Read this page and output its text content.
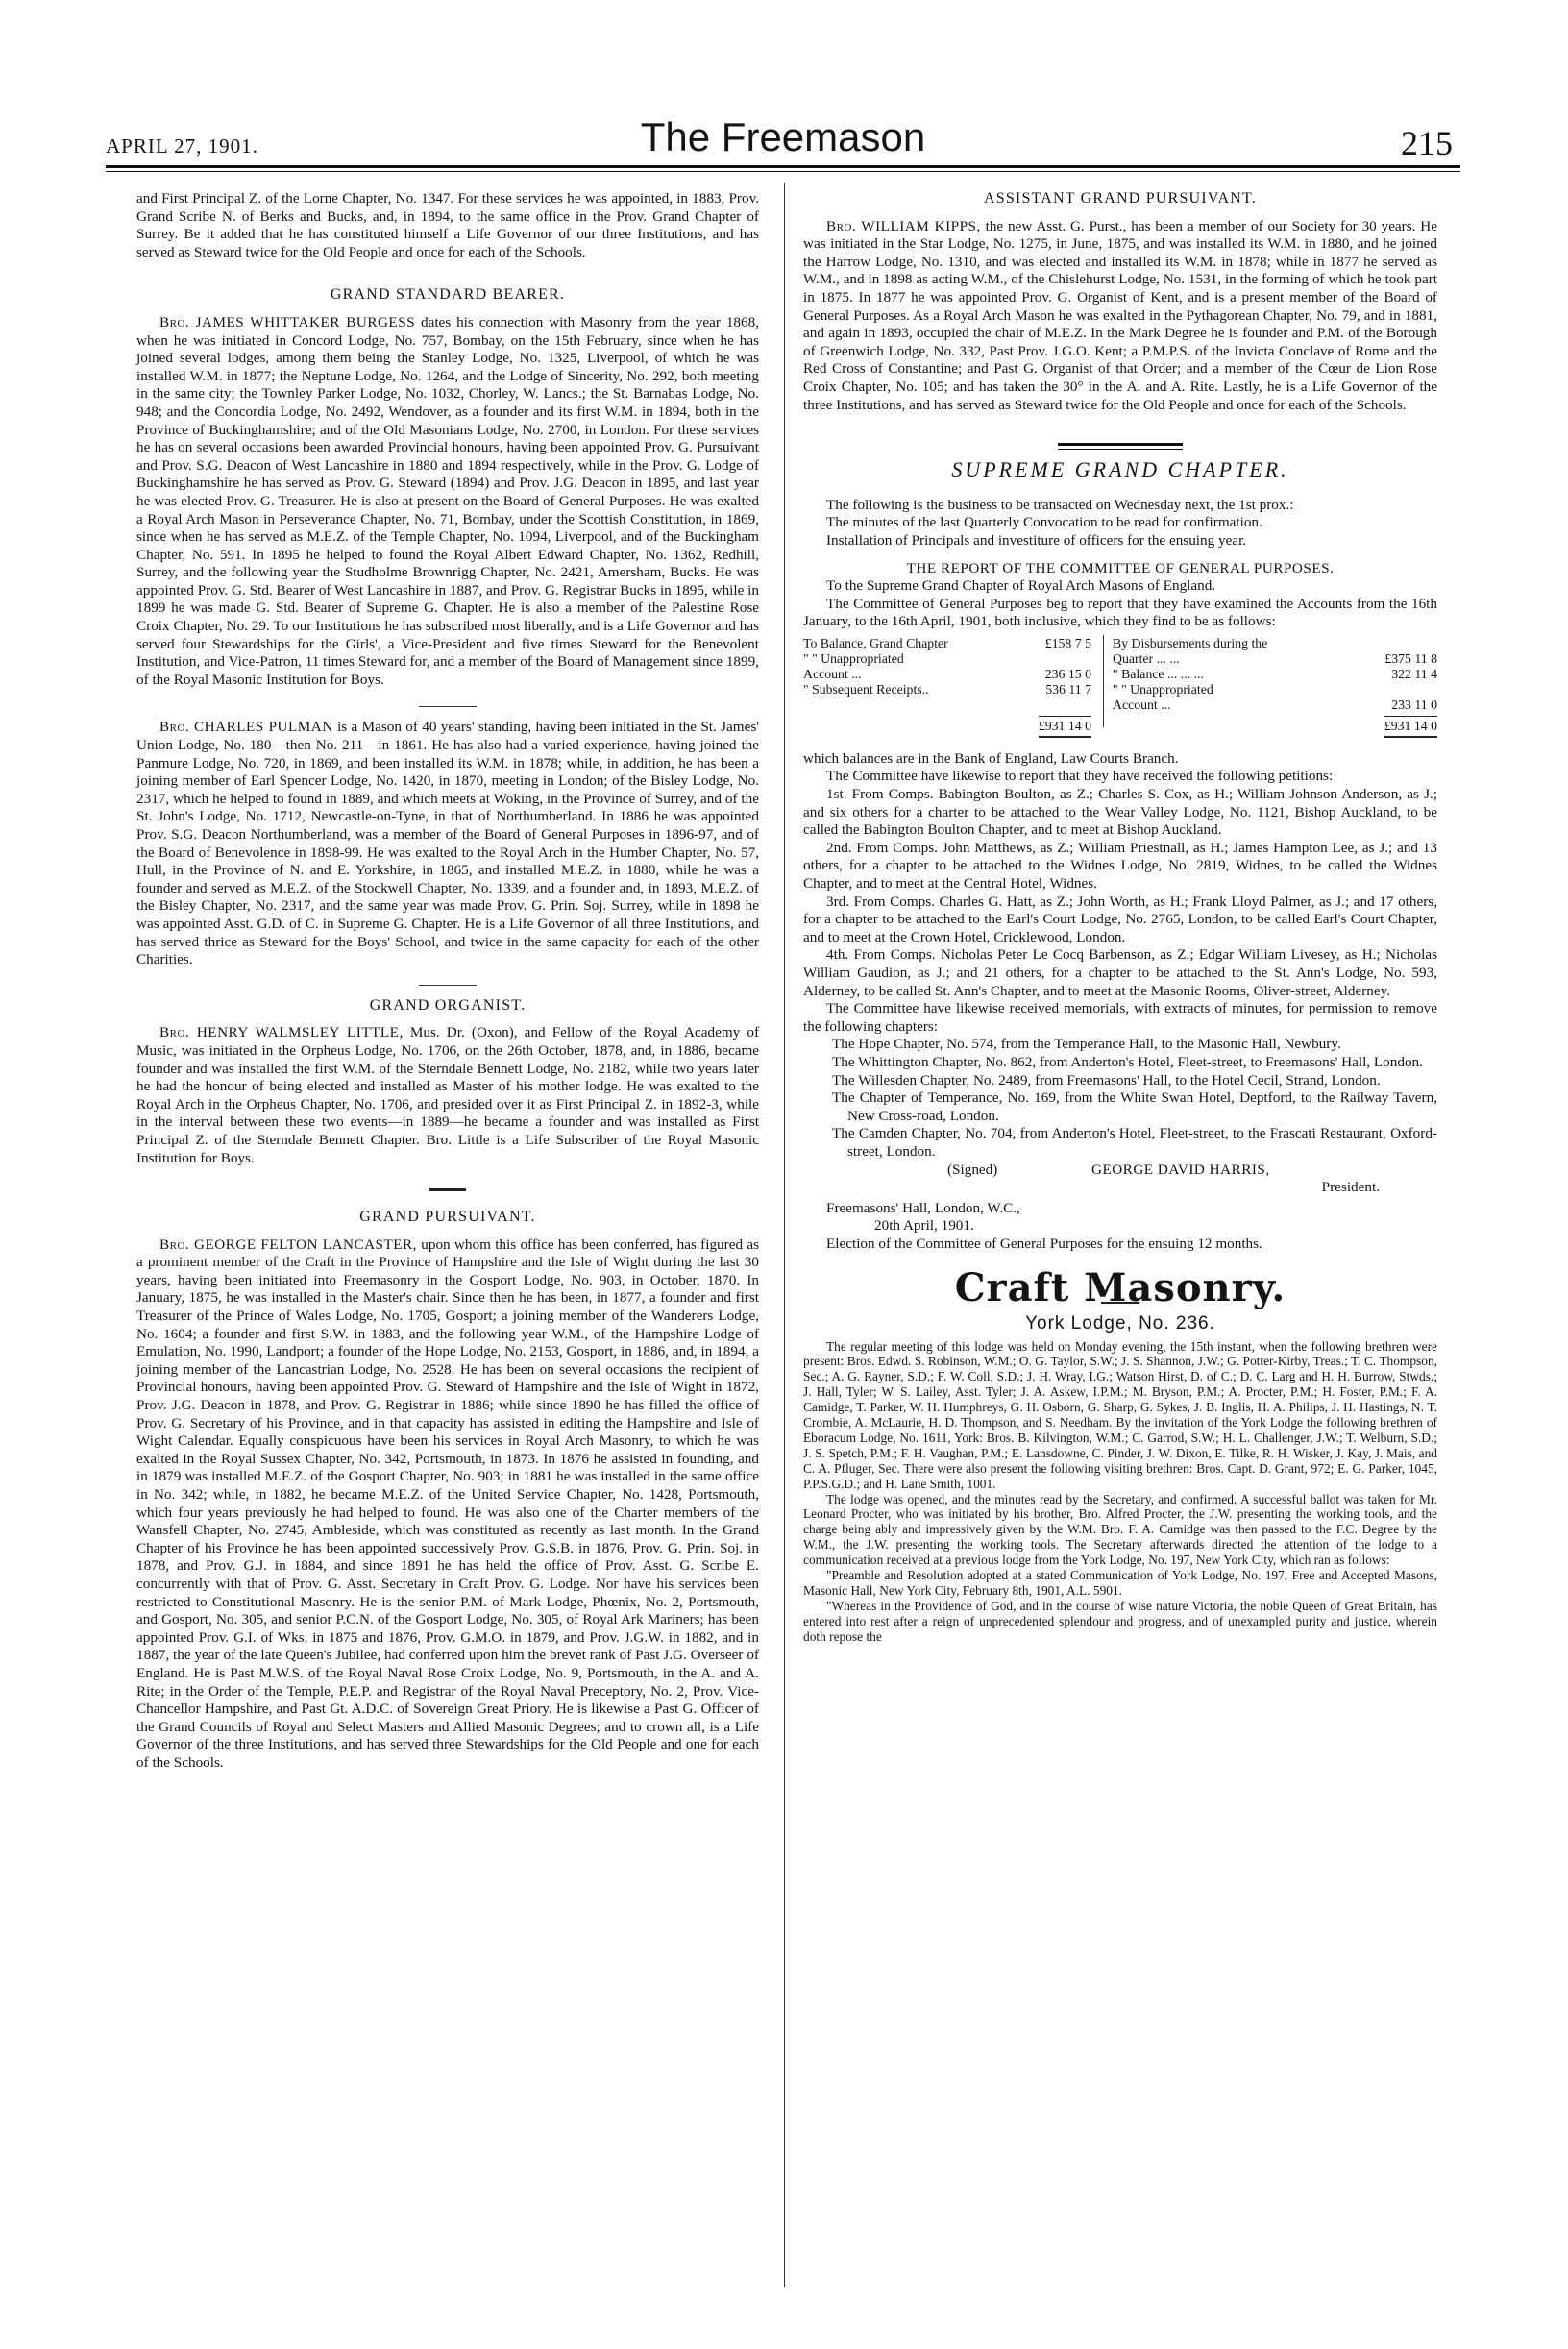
APRIL 27, 1901.	The Freemason	215

and First Principal Z. of the Lorne Chapter, No. 1347. For these services he was appointed, in 1883, Prov. Grand Scribe N. of Berks and Bucks, and, in 1894, to the same office in the Prov. Grand Chapter of Surrey. Be it added that he has constituted himself a Life Governor of our three Institutions, and has served as Steward twice for the Old People and once for each of the Schools.

GRAND STANDARD BEARER.

Bro. JAMES WHITTAKER BURGESS dates his connection with Masonry from the year 1868, when he was initiated in Concord Lodge, No. 757, Bombay, on the 15th February, since when he has joined several lodges, among them being the Stanley Lodge, No. 1325, Liverpool, of which he was installed W.M. in 1877; the Neptune Lodge, No. 1264, and the Lodge of Sincerity, No. 292, both meeting in the same city; the Townley Parker Lodge, No. 1032, Chorley, W. Lancs.; the St. Barnabas Lodge, No. 948; and the Concordia Lodge, No. 2492, Wendover, as a founder and its first W.M. in 1894, both in the Province of Buckinghamshire; and of the Old Masonians Lodge, No. 2700, in London. For these services he has on several occasions been awarded Provincial honours, having been appointed Prov. G. Pursuivant and Prov. S.G. Deacon of West Lancashire in 1880 and 1894 respectively, while in the Prov. G. Lodge of Buckinghamshire he has served as Prov. G. Steward (1894) and Prov. J.G. Deacon in 1895, and last year he was elected Prov. G. Treasurer. He is also at present on the Board of General Purposes. He was exalted a Royal Arch Mason in Perseverance Chapter, No. 71, Bombay, under the Scottish Constitution, in 1869, since when he has served as M.E.Z. of the Temple Chapter, No. 1094, Liverpool, and of the Buckingham Chapter, No. 591. In 1895 he helped to found the Royal Albert Edward Chapter, No. 1362, Redhill, Surrey, and the following year the Studholme Brownrigg Chapter, No. 2421, Amersham, Bucks. He was appointed Prov. G. Std. Bearer of West Lancashire in 1887, and Prov. G. Registrar Bucks in 1895, while in 1899 he was made G. Std. Bearer of Supreme G. Chapter. He is also a member of the Palestine Rose Croix Chapter, No. 29. To our Institutions he has subscribed most liberally, and is a Life Governor and has served four Stewardships for the Girls', a Vice-President and five times Steward for the Benevolent Institution, and Vice-Patron, 11 times Steward for, and a member of the Board of Management since 1899, of the Royal Masonic Institution for Boys.

Bro. CHARLES PULMAN is a Mason of 40 years' standing, having been initiated in the St. James' Union Lodge, No. 180—then No. 211—in 1861. He has also had a varied experience, having joined the Panmure Lodge, No. 720, in 1869, and been installed its W.M. in 1878; while, in addition, he has been a joining member of Earl Spencer Lodge, No. 1420, in 1870, meeting in London; of the Bisley Lodge, No. 2317, which he helped to found in 1889, and which meets at Woking, in the Province of Surrey, and of the St. John's Lodge, No. 1712, Newcastle-on-Tyne, in that of Northumberland. In 1886 he was appointed Prov. S.G. Deacon Northumberland, was a member of the Board of General Purposes in 1896-97, and of the Board of Benevolence in 1898-99. He was exalted to the Royal Arch in the Humber Chapter, No. 57, Hull, in the Province of N. and E. Yorkshire, in 1865, and installed M.E.Z. in 1880, while he was a founder and served as M.E.Z. of the Stockwell Chapter, No. 1339, and a founder and, in 1893, M.E.Z. of the Bisley Chapter, No. 2317, and the same year was made Prov. G. Prin. Soj. Surrey, while in 1898 he was appointed Asst. G.D. of C. in Supreme G. Chapter. He is a Life Governor of all three Institutions, and has served thrice as Steward for the Boys' School, and twice in the same capacity for each of the other Charities.

GRAND ORGANIST.

Bro. HENRY WALMSLEY LITTLE, Mus. Dr. (Oxon), and Fellow of the Royal Academy of Music, was initiated in the Orpheus Lodge, No. 1706, on the 26th October, 1878, and, in 1886, became founder and was installed the first W.M. of the Sterndale Bennett Lodge, No. 2182, while two years later he had the honour of being elected and installed as Master of his mother lodge. He was exalted to the Royal Arch in the Orpheus Chapter, No. 1706, and presided over it as First Principal Z. in 1892-3, while in the interval between these two events—in 1889—he became a founder and was installed as First Principal Z. of the Sterndale Bennett Chapter. Bro. Little is a Life Subscriber of the Royal Masonic Institution for Boys.

GRAND PURSUIVANT.

Bro. GEORGE FELTON LANCASTER, upon whom this office has been conferred, has figured as a prominent member of the Craft in the Province of Hampshire and the Isle of Wight during the last 30 years, having been initiated into Freemasonry in the Gosport Lodge, No. 903, in October, 1870. In January, 1875, he was installed in the Master's chair. Since then he has been, in 1877, a founder and first Treasurer of the Prince of Wales Lodge, No. 1705, Gosport; a joining member of the Wanderers Lodge, No. 1604; a founder and first S.W. in 1883, and the following year W.M., of the Hampshire Lodge of Emulation, No. 1990, Landport; a founder of the Hope Lodge, No. 2153, Gosport, in 1886, and, in 1894, a joining member of the Lancastrian Lodge, No. 2528. He has been on several occasions the recipient of Provincial honours, having been appointed Prov. G. Steward of Hampshire and the Isle of Wight in 1872, Prov. J.G. Deacon in 1878, and Prov. G. Registrar in 1886; while since 1890 he has filled the office of Prov. G. Secretary of his Province, and in that capacity has assisted in editing the Hampshire and Isle of Wight Calendar. Equally conspicuous have been his services in Royal Arch Masonry, to which he was exalted in the Royal Sussex Chapter, No. 342, Portsmouth, in 1873. In 1876 he assisted in founding, and in 1879 was installed M.E.Z. of the Gosport Chapter, No. 903; in 1881 he was installed in the same office in No. 342; while, in 1882, he became M.E.Z. of the United Service Chapter, No. 1428, Portsmouth, which four years previously he had helped to found. He was also one of the Charter members of the Wansfell Chapter, No. 2745, Ambleside, which was constituted as recently as last month. In the Grand Chapter of his Province he has been appointed successively Prov. G.S.B. in 1876, Prov. G. Prin. Soj. in 1878, and Prov. G.J. in 1884, and since 1891 he has held the office of Prov. Asst. G. Scribe E. concurrently with that of Prov. G. Asst. Secretary in Craft Prov. G. Lodge. Nor have his services been restricted to Constitutional Masonry. He is the senior P.M. of Mark Lodge, Phœnix, No. 2, Portsmouth, and Gosport, No. 305, and senior P.C.N. of the Gosport Lodge, No. 305, of Royal Ark Mariners; has been appointed Prov. G.I. of Wks. in 1875 and 1876, Prov. G.M.O. in 1879, and Prov. J.G.W. in 1882, and in 1887, the year of the late Queen's Jubilee, had conferred upon him the brevet rank of Past J.G. Overseer of England. He is Past M.W.S. of the Royal Naval Rose Croix Lodge, No. 9, Portsmouth, in the A. and A. Rite; in the Order of the Temple, P.E.P. and Registrar of the Royal Naval Preceptory, No. 2, Prov. Vice-Chancellor Hampshire, and Past Gt. A.D.C. of Sovereign Great Priory. He is likewise a Past G. Officer of the Grand Councils of Royal and Select Masters and Allied Masonic Degrees; and to crown all, is a Life Governor of the three Institutions, and has served three Stewardships for the Old People and one for each of the Schools.

ASSISTANT GRAND PURSUIVANT.

Bro. WILLIAM KIPPS, the new Asst. G. Purst., has been a member of our Society for 30 years. He was initiated in the Star Lodge, No. 1275, in June, 1875, and was installed its W.M. in 1880, and he joined the Harrow Lodge, No. 1310, and was elected and installed its W.M. in 1878; while in 1877 he served as W.M., and in 1898 as acting W.M., of the Chislehurst Lodge, No. 1531, in the forming of which he took part in 1875. In 1877 he was appointed Prov. G. Organist of Kent, and is a present member of the Board of General Purposes. As a Royal Arch Mason he was exalted in the Pythagorean Chapter, No. 79, and in 1881, and again in 1893, occupied the chair of M.E.Z. In the Mark Degree he is founder and P.M. of the Borough of Greenwich Lodge, No. 332, Past Prov. J.G.O. Kent; a P.M.P.S. of the Invicta Conclave of Rome and the Red Cross of Constantine; and Past G. Organist of that Order; and a member of the Cœur de Lion Rose Croix Chapter, No. 105; and has taken the 30° in the A. and A. Rite. Lastly, he is a Life Governor of the three Institutions, and has served as Steward twice for the Old People and once for each of the Schools.

SUPREME GRAND CHAPTER.

The following is the business to be transacted on Wednesday next, the 1st prox.:

The minutes of the last Quarterly Convocation to be read for confirmation.

Installation of Principals and investiture of officers for the ensuing year.

THE REPORT OF THE COMMITTEE OF GENERAL PURPOSES.

To the Supreme Grand Chapter of Royal Arch Masons of England.

The Committee of General Purposes beg to report that they have examined the Accounts from the 16th January, to the 16th April, 1901, both inclusive, which they find to be as follows:

To Balance, Grand Chapter	£158 7 5
" " Unappropriated
Account ...	236 15 0
" Subsequent Receipts..	536 11 7
£931 14 0
By Disbursements during the
Quarter ... ...	£375 11 8
" Balance ... ... ...	322 11 4
" " Unappropriated
Account ...	233 11 0
£931 14 0

which balances are in the Bank of England, Law Courts Branch.

The Committee have likewise to report that they have received the following petitions:

1st. From Comps. Babington Boulton, as Z.; Charles S. Cox, as H.; William Johnson Anderson, as J.; and six others for a charter to be attached to the Wear Valley Lodge, No. 1121, Bishop Auckland, to be called the Babington Boulton Chapter, and to meet at Bishop Auckland.

2nd. From Comps. John Matthews, as Z.; William Priestnall, as H.; James Hampton Lee, as J.; and 13 others, for a chapter to be attached to the Widnes Lodge, No. 2819, Widnes, to be called the Widnes Chapter, and to meet at the Central Hotel, Widnes.

3rd. From Comps. Charles G. Hatt, as Z.; John Worth, as H.; Frank Lloyd Palmer, as J.; and 17 others, for a chapter to be attached to the Earl's Court Lodge, No. 2765, London, to be called Earl's Court Chapter, and to meet at the Crown Hotel, Cricklewood, London.

4th. From Comps. Nicholas Peter Le Cocq Barbenson, as Z.; Edgar William Livesey, as H.; Nicholas William Gaudion, as J.; and 21 others, for a chapter to be attached to the St. Ann's Lodge, No. 593, Alderney, to be called St. Ann's Chapter, and to meet at the Masonic Rooms, Oliver-street, Alderney.

The Committee have likewise received memorials, with extracts of minutes, for permission to remove the following chapters:

The Hope Chapter, No. 574, from the Temperance Hall, to the Masonic Hall, Newbury.

The Whittington Chapter, No. 862, from Anderton's Hotel, Fleet-street, to Freemasons' Hall, London.

The Willesden Chapter, No. 2489, from Freemasons' Hall, to the Hotel Cecil, Strand, London.

The Chapter of Temperance, No. 169, from the White Swan Hotel, Deptford, to the Railway Tavern, New Cross-road, London.

The Camden Chapter, No. 704, from Anderton's Hotel, Fleet-street, to the Frascati Restaurant, Oxford-street, London.

(Signed)	GEORGE DAVID HARRIS,
President.

Freemasons' Hall, London, W.C.,

20th April, 1901.

Election of the Committee of General Purposes for the ensuing 12 months.

Craft Masonry.
York Lodge, No. 236.

The regular meeting of this lodge was held on Monday evening, the 15th instant, when the following brethren were present: Bros. Edwd. S. Robinson, W.M.; O. G. Taylor, S.W.; J. S. Shannon, J.W.; G. Potter-Kirby, Treas.; T. C. Thompson, Sec.; A. G. Rayner, S.D.; F. W. Coll, S.D.; J. H. Wray, I.G.; Watson Hirst, D. of C.; D. C. Larg and H. H. Burrow, Stwds.; J. Hall, Tyler; W. S. Lailey, Asst. Tyler; J. A. Askew, I.P.M.; M. Bryson, P.M.; A. Procter, P.M.; H. Foster, P.M.; F. A. Camidge, T. Parker, W. H. Humphreys, G. H. Osborn, G. Sharp, G. Sykes, J. B. Inglis, H. A. Philips, J. H. Hastings, N. T. Crombie, A. McLaurie, H. D. Thompson, and S. Needham. By the invitation of the York Lodge the following brethren of Eboracum Lodge, No. 1611, York: Bros. B. Kilvington, W.M.; C. Garrod, S.W.; H. L. Challenger, J.W.; T. Welburn, S.D.; J. S. Spetch, P.M.; F. H. Vaughan, P.M.; E. Lansdowne, C. Pinder, J. W. Dixon, E. Tilke, R. H. Wisker, J. Kay, J. Mais, and C. A. Pfluger, Sec. There were also present the following visiting brethren: Bros. Capt. D. Grant, 972; E. G. Parker, 1045, P.P.S.G.D.; and H. Lane Smith, 1001.

The lodge was opened, and the minutes read by the Secretary, and confirmed. A successful ballot was taken for Mr. Leonard Procter, who was initiated by his brother, Bro. Alfred Procter, the J.W. presenting the working tools, and the charge being ably and impressively given by the W.M. Bro. F. A. Camidge was then passed to the F.C. Degree by the W.M., the J.W. presenting the working tools. The Secretary afterwards directed the attention of the lodge to a communication received at a previous lodge from the York Lodge, No. 197, New York City, which ran as follows:

"Preamble and Resolution adopted at a stated Communication of York Lodge, No. 197, Free and Accepted Masons, Masonic Hall, New York City, February 8th, 1901, A.L. 5901.

"Whereas in the Providence of God, and in the course of wise nature Victoria, the noble Queen of Great Britain, has entered into rest after a reign of unprecedented splendour and progress, and of unexampled purity and justice, wherein doth repose the
